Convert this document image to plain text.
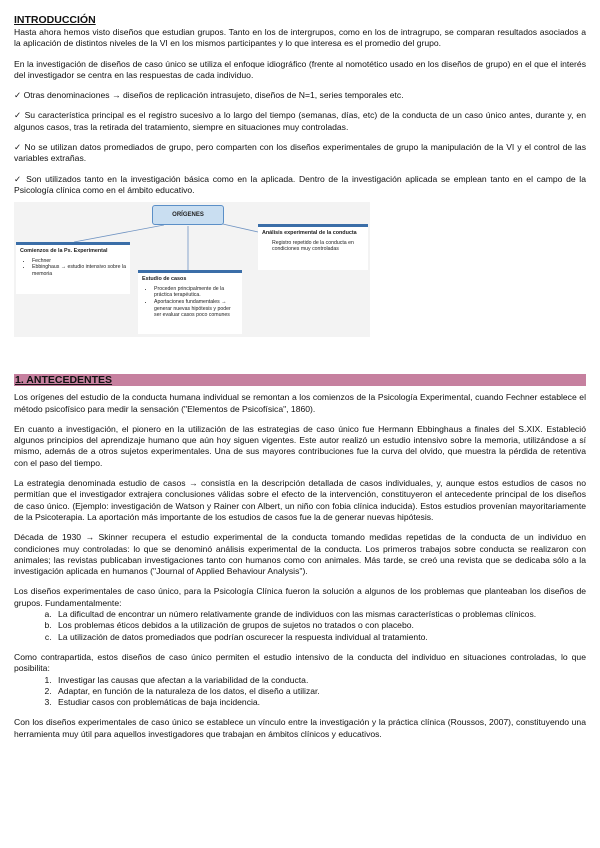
INTRODUCCIÓN

Hasta ahora hemos visto diseños que estudian grupos. Tanto en los de intergrupos, como en los de intragrupo, se comparan resultados asociados a la aplicación de distintos niveles de la VI en los mismos participantes y lo que interesa es el promedio del grupo.

En la investigación de diseños de caso único se utiliza el enfoque idiográfico (frente al nomotético usado en los diseños de grupo) en el que el interés del investigador se centra en las respuestas de cada individuo.

✓ Otras denominaciones → diseños de replicación intrasujeto, diseños de N=1, series temporales etc.

✓ Su característica principal es el registro sucesivo a lo largo del tiempo (semanas, días, etc) de la conducta de un caso único antes, durante y, en algunos casos, tras la retirada del tratamiento, siempre en situaciones muy controladas.

✓ No se utilizan datos promediados de grupo, pero comparten con los diseños experimentales de grupo la manipulación de la VI y el control de las variables extrañas.

✓ Son utilizados tanto en la investigación básica como en la aplicada. Dentro de la investigación aplicada se emplean tanto en el campo de la Psicología clínica como en el ámbito educativo.

ORÍGENES
Comienzos de la Ps. Experimental
• Fechner
• Ebbinghaus → estudio intensivo sobre la memoria
Análisis experimental de la conducta
Registro repetido de la conducta en condiciones muy controladas
Estudio de casos
• Proceden principalmente de la práctica terapéutica.
• Aportaciones fundamentales → generar nuevas hipótesis y poder ser evaluar casos poco comunes
1. ANTECEDENTES

Los orígenes del estudio de la conducta humana individual se remontan a los comienzos de la Psicología Experimental, cuando Fechner establece el método psicofísico para medir la sensación ("Elementos de Psicofísica", 1860).

En cuanto a investigación, el pionero en la utilización de las estrategias de caso único fue Hermann Ebbinghaus a finales del S.XIX. Estableció algunos principios del aprendizaje humano que aún hoy siguen vigentes. Este autor realizó un estudio intensivo sobre la memoria, utilizándose a sí mismo, además de a otros sujetos experimentales. Una de sus mayores contribuciones fue la curva del olvido, que muestra la pérdida de retentiva con el paso del tiempo.

La estrategia denominada estudio de casos → consistía en la descripción detallada de casos individuales, y, aunque estos estudios de casos no permitían que el investigador extrajera conclusiones válidas sobre el efecto de la intervención, constituyeron el antecedente principal de los diseños de caso único. (Ejemplo: investigación de Watson y Rainer con Albert, un niño con fobia clínica inducida). Estos estudios provenían mayoritariamente de la Psicoterapia. La aportación más importante de los estudios de casos fue la de generar nuevas hipótesis.

Década de 1930 → Skinner recupera el estudio experimental de la conducta tomando medidas repetidas de la conducta de un individuo en condiciones muy controladas: lo que se denominó análisis experimental de la conducta. Los primeros trabajos sobre conducta se realizaron con animales; las revistas publicaban investigaciones tanto con humanos como con animales. Más tarde, se creó una revista que se dedicaba sólo a la investigación aplicada en humanos ("Journal of Applied Behaviour Analysis").

Los diseños experimentales de caso único, para la Psicología Clínica fueron la solución a algunos de los problemas que planteaban los diseños de grupos. Fundamentalmente:

a. La dificultad de encontrar un número relativamente grande de individuos con las mismas características o problemas clínicos.
b. Los problemas éticos debidos a la utilización de grupos de sujetos no tratados o con placebo.
c. La utilización de datos promediados que podrían oscurecer la respuesta individual al tratamiento.

Como contrapartida, estos diseños de caso único permiten el estudio intensivo de la conducta del individuo en situaciones controladas, lo que posibilita:

1. Investigar las causas que afectan a la variabilidad de la conducta.
2. Adaptar, en función de la naturaleza de los datos, el diseño a utilizar.
3. Estudiar casos con problemáticas de baja incidencia.

Con los diseños experimentales de caso único se establece un vínculo entre la investigación y la práctica clínica (Roussos, 2007), constituyendo una herramienta muy útil para aquellos investigadores que trabajan en ámbitos clínicos y educativos.
